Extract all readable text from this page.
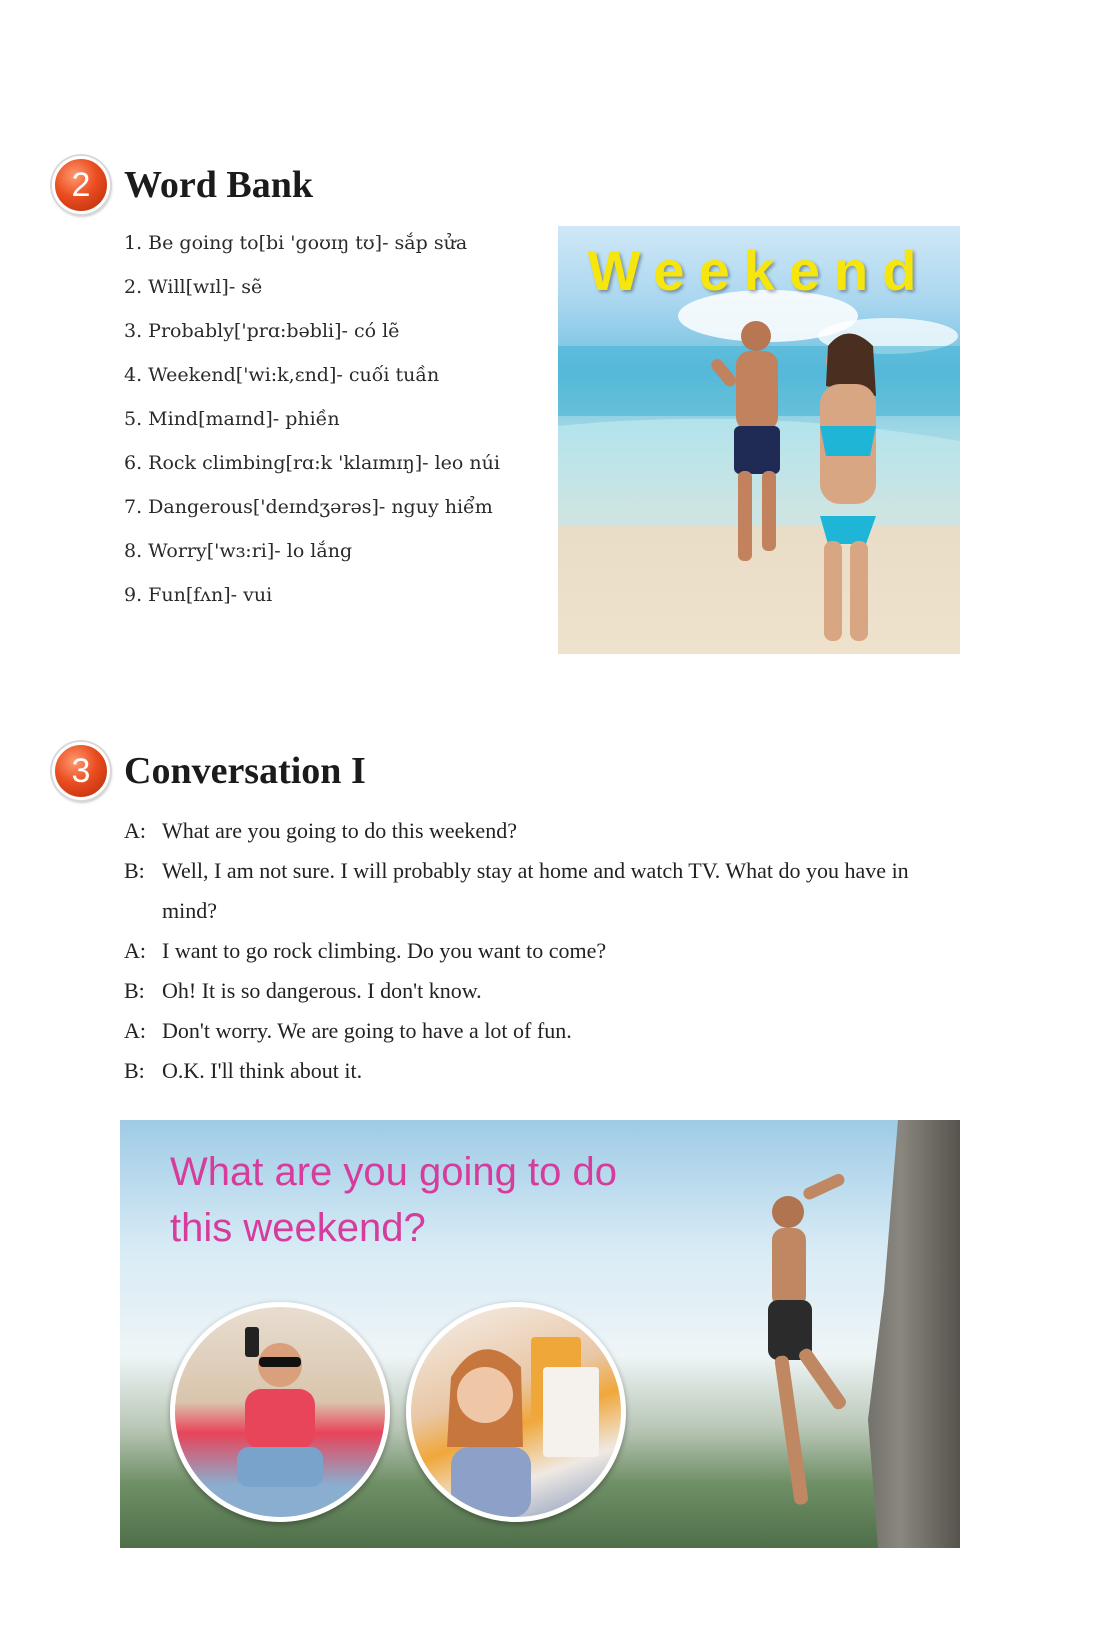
2 Word Bank
1. Be going to[bi 'goʊɪŋ tʊ]- sắp sửa
2. Will[wɪl]- sẽ
3. Probably['prɑ:bəbli]- có lẽ
4. Weekend['wi:k,ɛnd]- cuối tuần
5. Mind[maɪnd]- phiền
6. Rock climbing[rɑ:k 'klaɪmɪŋ]- leo núi
7. Dangerous['deɪndʒərəs]- nguy hiểm
8. Worry['wɜ:ri]- lo lắng
9. Fun[fʌn]- vui
Weekend
3 Conversation I
A: What are you going to do this weekend?
B: Well, I am not sure. I will probably stay at home and watch TV. What do you have in mind?
A: I want to go rock climbing. Do you want to come?
B: Oh! It is so dangerous. I don't know.
A: Don't worry. We are going to have a lot of fun.
B: O.K. I'll think about it.
What are you going to do
this weekend?
